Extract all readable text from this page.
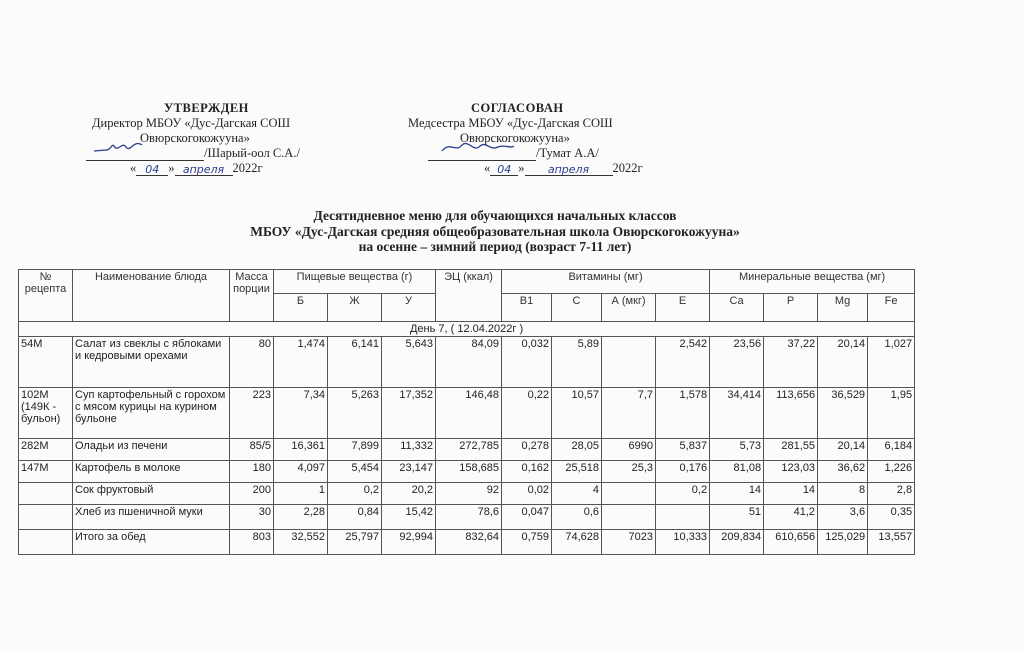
УТВЕРЖДЕН
Директор МБОУ «Дус-Дагская СОШ
Овюрскогокожууна»
/Шарый-оол С.А./
« 04 » апреля 2022г
СОГЛАСОВАН
Медсестра МБОУ «Дус-Дагская СОШ
Овюрскогокожууна»
/Тумат А.А/
« 04 » апреля 2022г
Десятидневное меню для обучающихся начальных классов
МБОУ «Дус-Дагская средняя общеобразовательная школа Овюрскогокожууна»
на осенне – зимний период (возраст 7-11 лет)
№ рецепта	Наименование блюда	Масса порции	Пищевые вещества (г)			ЭЦ (ккал)	Витамины (мг)				Минеральные вещества (мг)			
			Б	Ж	У		В1	С	А (мкг)	Е	Са	Р	Mg	Fe
День 7, ( 12.04.2022г )														
54М	Салат из свеклы с яблоками и кедровыми орехами	80	1,474	6,141	5,643	84,09	0,032	5,89		2,542	23,56	37,22	20,14	1,027
102М (149К - бульон)	Суп картофельный с горохом с мясом курицы на курином бульоне	223	7,34	5,263	17,352	146,48	0,22	10,57	7,7	1,578	34,414	113,656	36,529	1,95
282М	Оладьи из печени	85/5	16,361	7,899	11,332	272,785	0,278	28,05	6990	5,837	5,73	281,55	20,14	6,184
147М	Картофель в молоке	180	4,097	5,454	23,147	158,685	0,162	25,518	25,3	0,176	81,08	123,03	36,62	1,226
	Сок фруктовый	200	1	0,2	20,2	92	0,02	4		0,2	14	14	8	2,8
	Хлеб из пшеничной муки	30	2,28	0,84	15,42	78,6	0,047	0,6			51	41,2	3,6	0,35
	Итого за обед	803	32,552	25,797	92,994	832,64	0,759	74,628	7023	10,333	209,834	610,656	125,029	13,557
